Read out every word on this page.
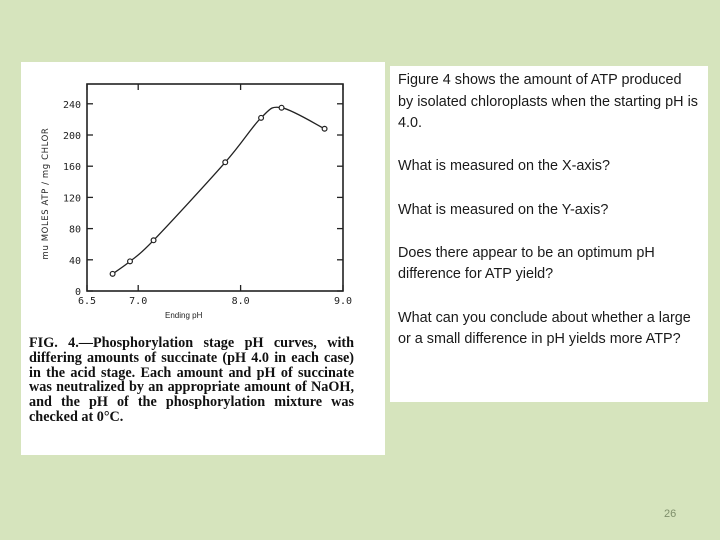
0
40
80
120
160
200
240
6.5	7.0	8.0	9.0
mu MOLES ATP / mg CHLOR
Ending pH
FIG. 4.—Phosphorylation stage pH curves, with differing amounts of succinate (pH 4.0 in each case) in the acid stage. Each amount and pH of succinate was neutralized by an appropriate amount of NaOH, and the pH of the phosphorylation mixture was checked at 0°C.

Figure 4 shows the amount of ATP produced by isolated chloroplasts when the starting pH is 4.0.

What is measured on the X-axis?

What is measured on the Y-axis?

Does there appear to be an optimum pH difference for ATP yield?

What can you conclude about whether a large or a small difference in pH yields more ATP?

26
